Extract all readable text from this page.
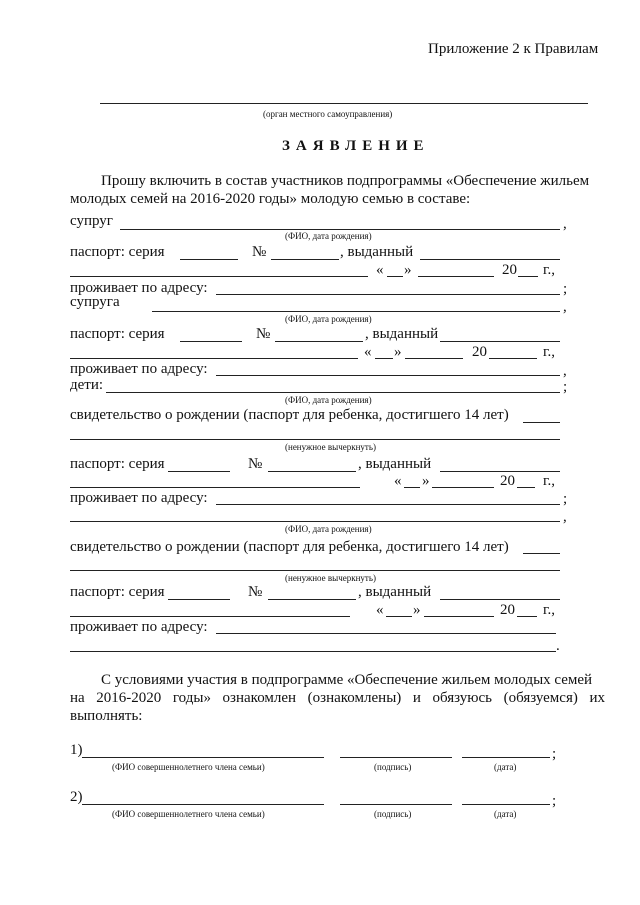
Приложение 2 к Правилам
(орган местного самоуправления)
ЗАЯВЛЕНИЕ
Прошу включить в состав участников подпрограммы «Обеспечение жильем
молодых семей на 2016-2020 годы» молодую семью в составе:
супруг	,
(ФИО, дата рождения)
паспорт: серия	№	, выданный
« »	20 г.,
проживает по адресу:	;
супруга	,
(ФИО, дата рождения)
паспорт: серия	№	, выданный
« »	20	г.,
проживает по адресу:	,
дети:	;
(ФИО, дата рождения)
свидетельство о рождении (паспорт для ребенка, достигшего 14 лет)
(ненужное вычеркнуть)
паспорт: серия	№	, выданный
« »	20 г.,
проживает по адресу:	;
,
(ФИО, дата рождения)
свидетельство о рождении (паспорт для ребенка, достигшего 14 лет)
(ненужное вычеркнуть)
паспорт: серия	№	, выданный
« »	20 г.,
проживает по адресу:
.
С условиями участия в подпрограмме «Обеспечение жильем молодых семей
на 2016-2020 годы» ознакомлен (ознакомлены) и обязуюсь (обязуемся) их
выполнять:
1)	;
(ФИО совершеннолетнего члена семьи)	(подпись)	(дата)
2)	;
(ФИО совершеннолетнего члена семьи)	(подпись)	(дата)
